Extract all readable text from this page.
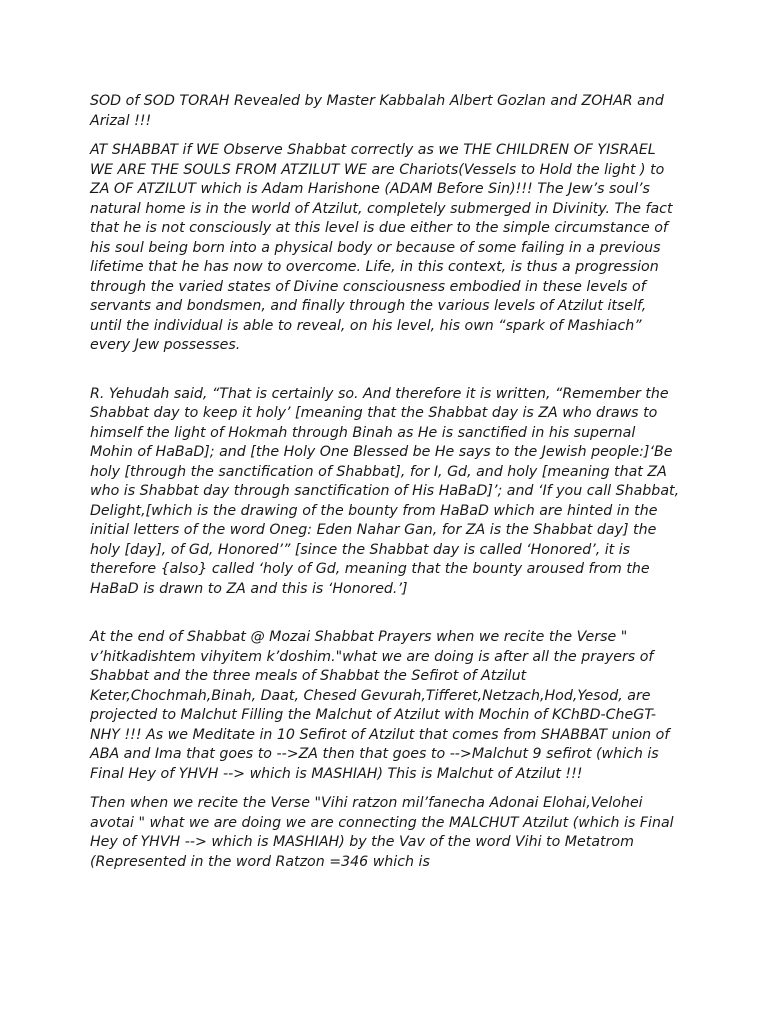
SOD of SOD TORAH Revealed by Master Kabbalah Albert Gozlan and ZOHAR and Arizal !!!

AT SHABBAT if WE Observe Shabbat correctly as we THE CHILDREN OF YISRAEL WE ARE THE SOULS FROM ATZILUT WE are Chariots(Vessels to Hold the light ) to ZA OF ATZILUT which is Adam Harishone (ADAM Before Sin)!!! The Jew’s soul’s natural home is in the world of Atzilut, completely submerged in Divinity. The fact that he is not consciously at this level is due either to the simple circumstance of his soul being born into a physical body or because of some failing in a previous lifetime that he has now to overcome. Life, in this context, is thus a progression through the varied states of Divine consciousness embodied in these levels of servants and bondsmen, and finally through the various levels of Atzilut itself, until the individual is able to reveal, on his level, his own “spark of Mashiach” every Jew possesses.

R. Yehudah said, “That is certainly so. And therefore it is written, “Remember the Shabbat day to keep it holy’ [meaning that the Shabbat day is ZA who draws to himself the light of Hokmah through Binah as He is sanctified in his supernal Mohin of HaBaD]; and [the Holy One Blessed be He says to the Jewish people:]‘Be holy [through the sanctification of Shabbat], for I, Gd, and holy [meaning that ZA who is Shabbat day through sanctification of His HaBaD]’; and ‘If you call Shabbat, Delight,[which is the drawing of the bounty from HaBaD which are hinted in the initial letters of the word Oneg: Eden Nahar Gan, for ZA is the Shabbat day] the holy [day], of Gd, Honored’” [since the Shabbat day is called ‘Honored’, it is therefore {also} called ‘holy of Gd, meaning that the bounty aroused from the HaBaD is drawn to ZA and this is ‘Honored.’]

At the end of Shabbat @ Mozai Shabbat Prayers when we recite the Verse " v’hitkadishtem vihyitem k’doshim."what we are doing is after all the prayers of Shabbat and the three meals of Shabbat the Sefirot of Atzilut Keter,Chochmah,Binah, Daat, Chesed Gevurah,Tifferet,Netzach,Hod,Yesod, are projected to Malchut Filling the Malchut of Atzilut with Mochin of KChBD-CheGT-NHY !!! As we Meditate in 10 Sefirot of Atzilut that comes from SHABBAT union of ABA and Ima that goes to -->ZA then that goes to -->Malchut 9 sefirot (which is Final Hey of YHVH --> which is MASHIAH) This is Malchut of Atzilut !!!

Then when we recite the Verse "Vihi ratzon mil’fanecha Adonai Elohai,Velohei avotai " what we are doing we are connecting the MALCHUT Atzilut (which is Final Hey of YHVH --> which is MASHIAH) by the Vav of the word Vihi to Metatrom (Represented in the word Ratzon =346 which is
